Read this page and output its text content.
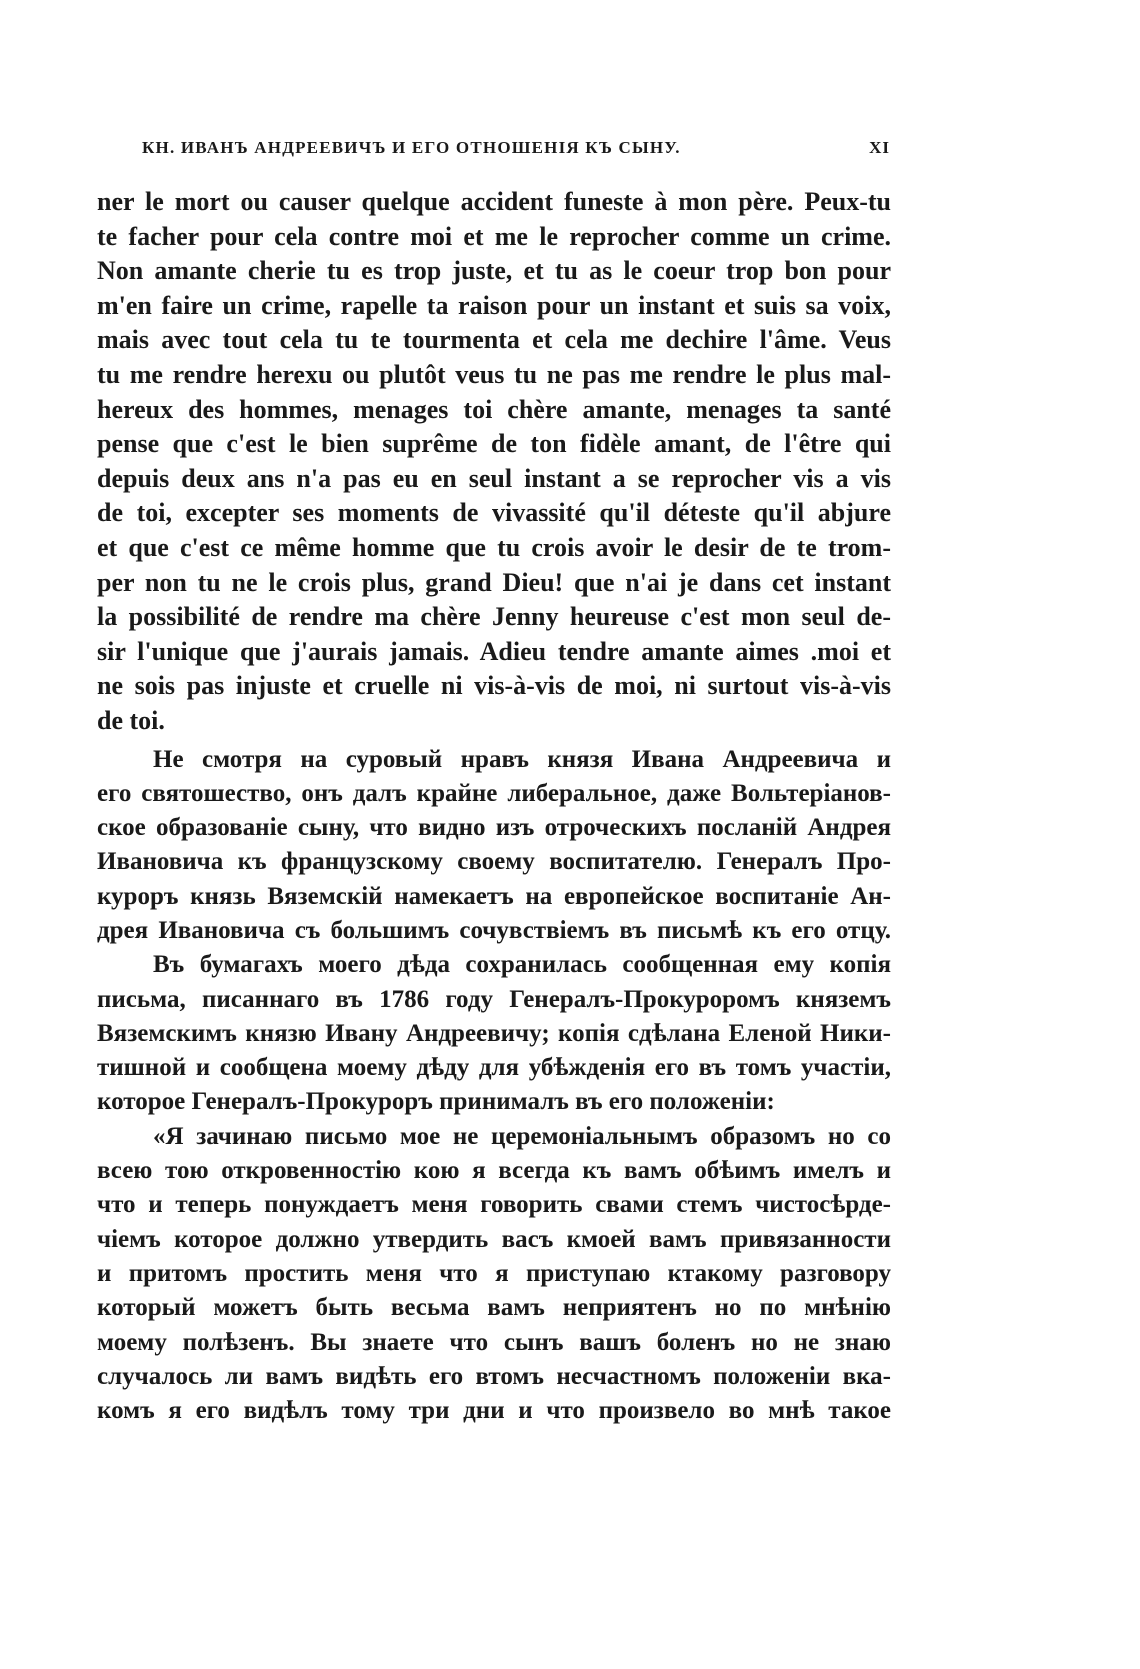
КН. ИВАНЪ АНДРЕЕВИЧЪ И ЕГО ОТНОШЕНІЯ КЪ СЫНУ.	XI
ner le mort ou causer quelque accident funeste à mon père. Peux-tu
te facher pour cela contre moi et me le reprocher comme un crime.
Non amante cherie tu es trop juste, et tu as le coeur trop bon pour
m'en faire un crime, rapelle ta raison pour un instant et suis sa voix,
mais avec tout cela tu te tourmenta et cela me dechire l'âme. Veus
tu me rendre herexu ou plutôt veus tu ne pas me rendre le plus mal-
hereux des hommes, menages toi chère amante, menages ta santé
pense que c'est le bien suprême de ton fidèle amant, de l'être qui
depuis deux ans n'a pas eu en seul instant a se reprocher vis a vis
de toi, excepter ses moments de vivassité qu'il déteste qu'il abjure
et que c'est ce même homme que tu crois avoir le desir de te trom-
per non tu ne le crois plus, grand Dieu! que n'ai je dans cet instant
la possibilité de rendre ma chère Jenny heureuse c'est mon seul de-
sir l'unique que j'aurais jamais. Adieu tendre amante aimes .moi et
ne sois pas injuste et cruelle ni vis-à-vis de moi, ni surtout vis-à-vis
de toi.
Не смотря на суровый нравъ князя Ивана Андреевича и
его святошество, онъ далъ крайне либеральное, даже Вольтеріанов-
ское образованіе сыну, что видно изъ отроческихъ посланій Андрея
Ивановича къ французскому своему воспитателю. Генералъ Про-
куроръ князь Вяземскій намекаетъ на европейское воспитаніе Ан-
дрея Ивановича съ большимъ сочувствіемъ въ письмѣ къ его отцу.
Въ бумагахъ моего дѣда сохранилась сообщенная ему копія
письма, писаннаго въ 1786 году Генералъ-Прокуроромъ княземъ
Вяземскимъ князю Ивану Андреевичу; копія сдѣлана Еленой Ники-
тишной и сообщена моему дѣду для убѣжденія его въ томъ участіи,
которое Генералъ-Прокуроръ принималъ въ его положеніи:
«Я зачинаю письмо мое не церемоніальнымъ образомъ но со
всею тою откровенностію кою я всегда къ вамъ обѣимъ имелъ и
что и теперь понуждаетъ меня говорить свами стемъ чистосѣрде-
чіемъ которое должно утвердить васъ кмоей вамъ привязанности
и притомъ простить меня что я приступаю ктакому разговору
который можетъ быть весьма вамъ неприятенъ но по мнѣнію
моему полѣзенъ. Вы знаете что сынъ вашъ боленъ но не знаю
случалось ли вамъ видѣть его втомъ несчастномъ положеніи вка-
комъ я его видѣлъ тому три дни и что произвело во мнѣ такое
